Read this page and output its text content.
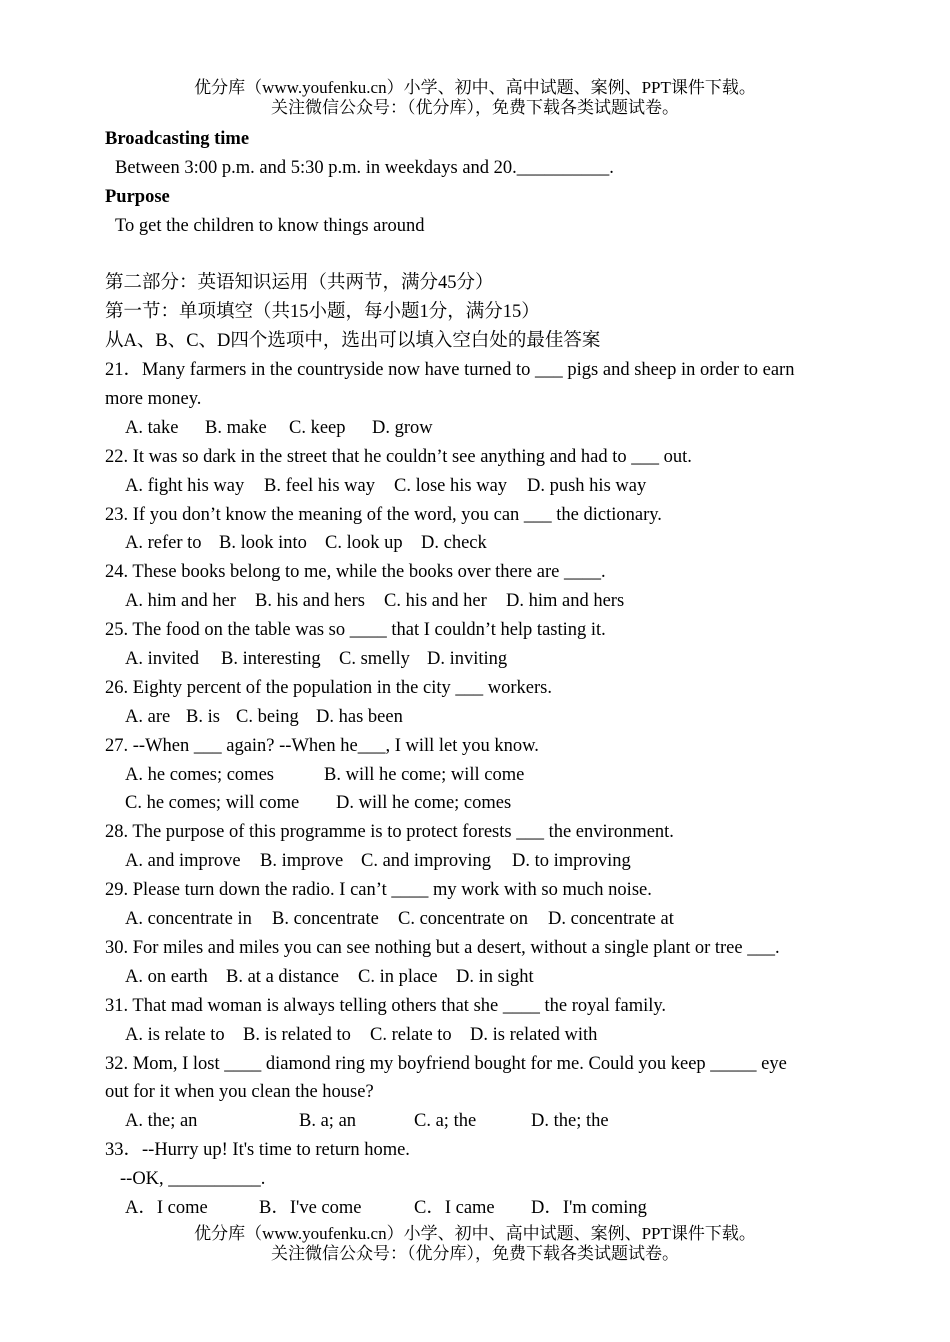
优分库（www.youfenku.cn）小学、初中、高中试题、案例、PPT课件下载。
关注微信公众号：（优分库），免费下载各类试题试卷。
Broadcasting time
Between 3:00 p.m. and 5:30 p.m. in weekdays and 20.__________.
Purpose
To get the children to know things around
第二部分：英语知识运用（共两节，满分45分）
第一节：单项填空（共15小题，每小题1分，满分15）
从A、B、C、D四个选项中，选出可以填入空白处的最佳答案
21．Many farmers in the countryside now have turned to ___ pigs and sheep in order to earn
more money.
A. take B. make C. keep D. grow
22. It was so dark in the street that he couldn’t see anything and had to ___ out.
A. fight his way B. feel his way C. lose his way D. push his way
23. If you don’t know the meaning of the word, you can ___ the dictionary.
A. refer to B. look into C. look up D. check
24. These books belong to me, while the books over there are ____.
A. him and her B. his and hers C. his and her D. him and hers
25. The food on the table was so ____ that I couldn’t help tasting it.
A. invited B. interesting C. smelly D. inviting
26. Eighty percent of the population in the city ___ workers.
A. are B. is C. being D. has been
27. --When ___ again? --When he___, I will let you know.
A. he comes; comes	B. will he come; will come
C. he comes; will come D. will he come; comes
28. The purpose of this programme is to protect forests ___ the environment.
A. and improve B. improve C. and improving D. to improving
29. Please turn down the radio. I can’t ____ my work with so much noise.
A. concentrate in B. concentrate C. concentrate on D. concentrate at
30. For miles and miles you can see nothing but a desert, without a single plant or tree ___.
A. on earth B. at a distance C. in place D. in sight
31. That mad woman is always telling others that she ____ the royal family.
A. is relate to B. is related to C. relate to D. is related with
32. Mom, I lost ____ diamond ring my boyfriend bought for me. Could you keep _____ eye
out for it when you clean the house?
A. the; an	B. a; an	C. a; the	D. the; the
33．--Hurry up! It's time to return home.
--OK, __________.
A．I come	B．I've come	C．I came D．I'm coming
优分库（www.youfenku.cn）小学、初中、高中试题、案例、PPT课件下载。
关注微信公众号：（优分库），免费下载各类试题试卷。
